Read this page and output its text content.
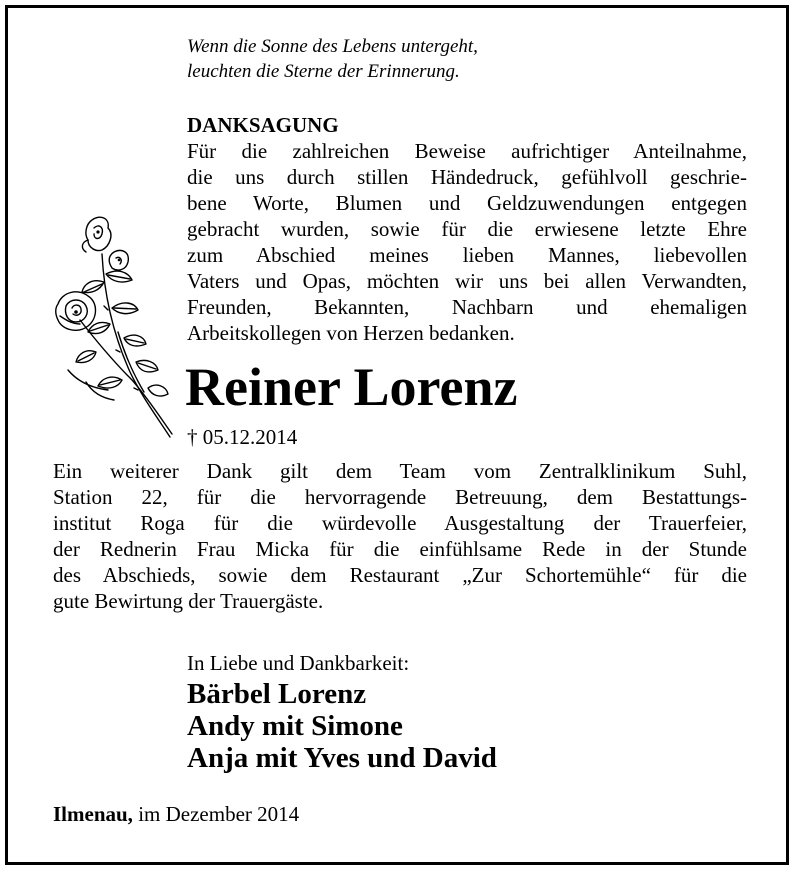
Wenn die Sonne des Lebens untergeht,
leuchten die Sterne der Erinnerung.
DANKSAGUNG
Für die zahlreichen Beweise aufrichtiger Anteilnahme,
die uns durch stillen Händedruck, gefühlvoll geschrie-
bene Worte, Blumen und Geldzuwendungen entgegen
gebracht wurden, sowie für die erwiesene letzte Ehre
zum Abschied meines lieben Mannes, liebevollen
Vaters und Opas, möchten wir uns bei allen Verwandten,
Freunden, Bekannten, Nachbarn und ehemaligen
Arbeitskollegen von Herzen bedanken.
Reiner Lorenz
† 05.12.2014
Ein weiterer Dank gilt dem Team vom Zentralklinikum Suhl,
Station 22, für die hervorragende Betreuung, dem Bestattungs-
institut Roga für die würdevolle Ausgestaltung der Trauerfeier,
der Rednerin Frau Micka für die einfühlsame Rede in der Stunde
des Abschieds, sowie dem Restaurant „Zur Schortemühle“ für die
gute Bewirtung der Trauergäste.
In Liebe und Dankbarkeit:
Bärbel Lorenz
Andy mit Simone
Anja mit Yves und David
Ilmenau, im Dezember 2014
